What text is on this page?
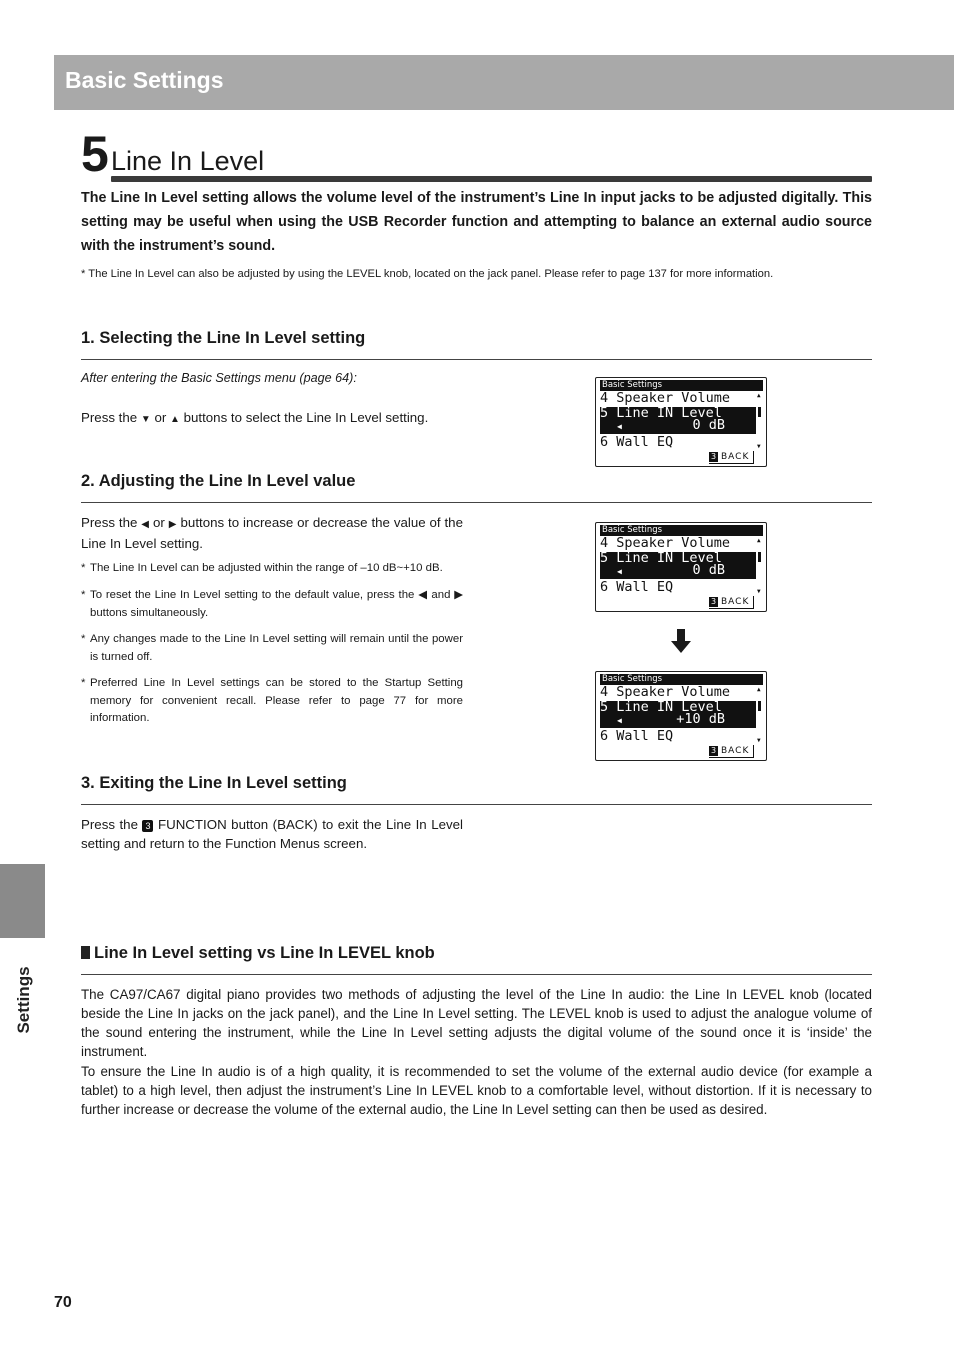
Basic Settings
5 Line In Level
The Line In Level setting allows the volume level of the instrument’s Line In input jacks to be adjusted digitally. This setting may be useful when using the USB Recorder function and attempting to balance an external audio source with the instrument’s sound.
* The Line In Level can also be adjusted by using the LEVEL knob, located on the jack panel. Please refer to page 137 for more information.
1. Selecting the Line In Level setting
After entering the Basic Settings menu (page 64):
Press the ▼ or ▲ buttons to select the Line In Level setting.
Basic Settings
4 Speaker Volume	▲
5 Line IN Level
◀	0 dB
6 Wall EQ	▼
3 BACK
2. Adjusting the Line In Level value
Press the ◀ or ▶ buttons to increase or decrease the value of the Line In Level setting.
* The Line In Level can be adjusted within the range of –10 dB~+10 dB.
* To reset the Line In Level setting to the default value, press the ◀ and ▶ buttons simultaneously.
* Any changes made to the Line In Level setting will remain until the power is turned off.
* Preferred Line In Level settings can be stored to the Startup Setting memory for convenient recall. Please refer to page 77 for more information.
Basic Settings
4 Speaker Volume	▲
5 Line IN Level
◀	0 dB
6 Wall EQ	▼
3 BACK
Basic Settings
4 Speaker Volume	▲
5 Line IN Level
◀	+10 dB
6 Wall EQ	▼
3 BACK
3. Exiting the Line In Level setting
Press the 3 FUNCTION button (BACK) to exit the Line In Level setting and return to the Function Menus screen.
Settings
Line In Level setting vs Line In LEVEL knob
The CA97/CA67 digital piano provides two methods of adjusting the level of the Line In audio: the Line In LEVEL knob (located beside the Line In jacks on the jack panel), and the Line In Level setting. The LEVEL knob is used to adjust the analogue volume of the sound entering the instrument, while the Line In Level setting adjusts the digital volume of the sound once it is ‘inside’ the instrument.
To ensure the Line In audio is of a high quality, it is recommended to set the volume of the external audio device (for example a tablet) to a high level, then adjust the instrument’s Line In LEVEL knob to a comfortable level, without distortion. If it is necessary to further increase or decrease the volume of the external audio, the Line In Level setting can then be used as desired.
70
